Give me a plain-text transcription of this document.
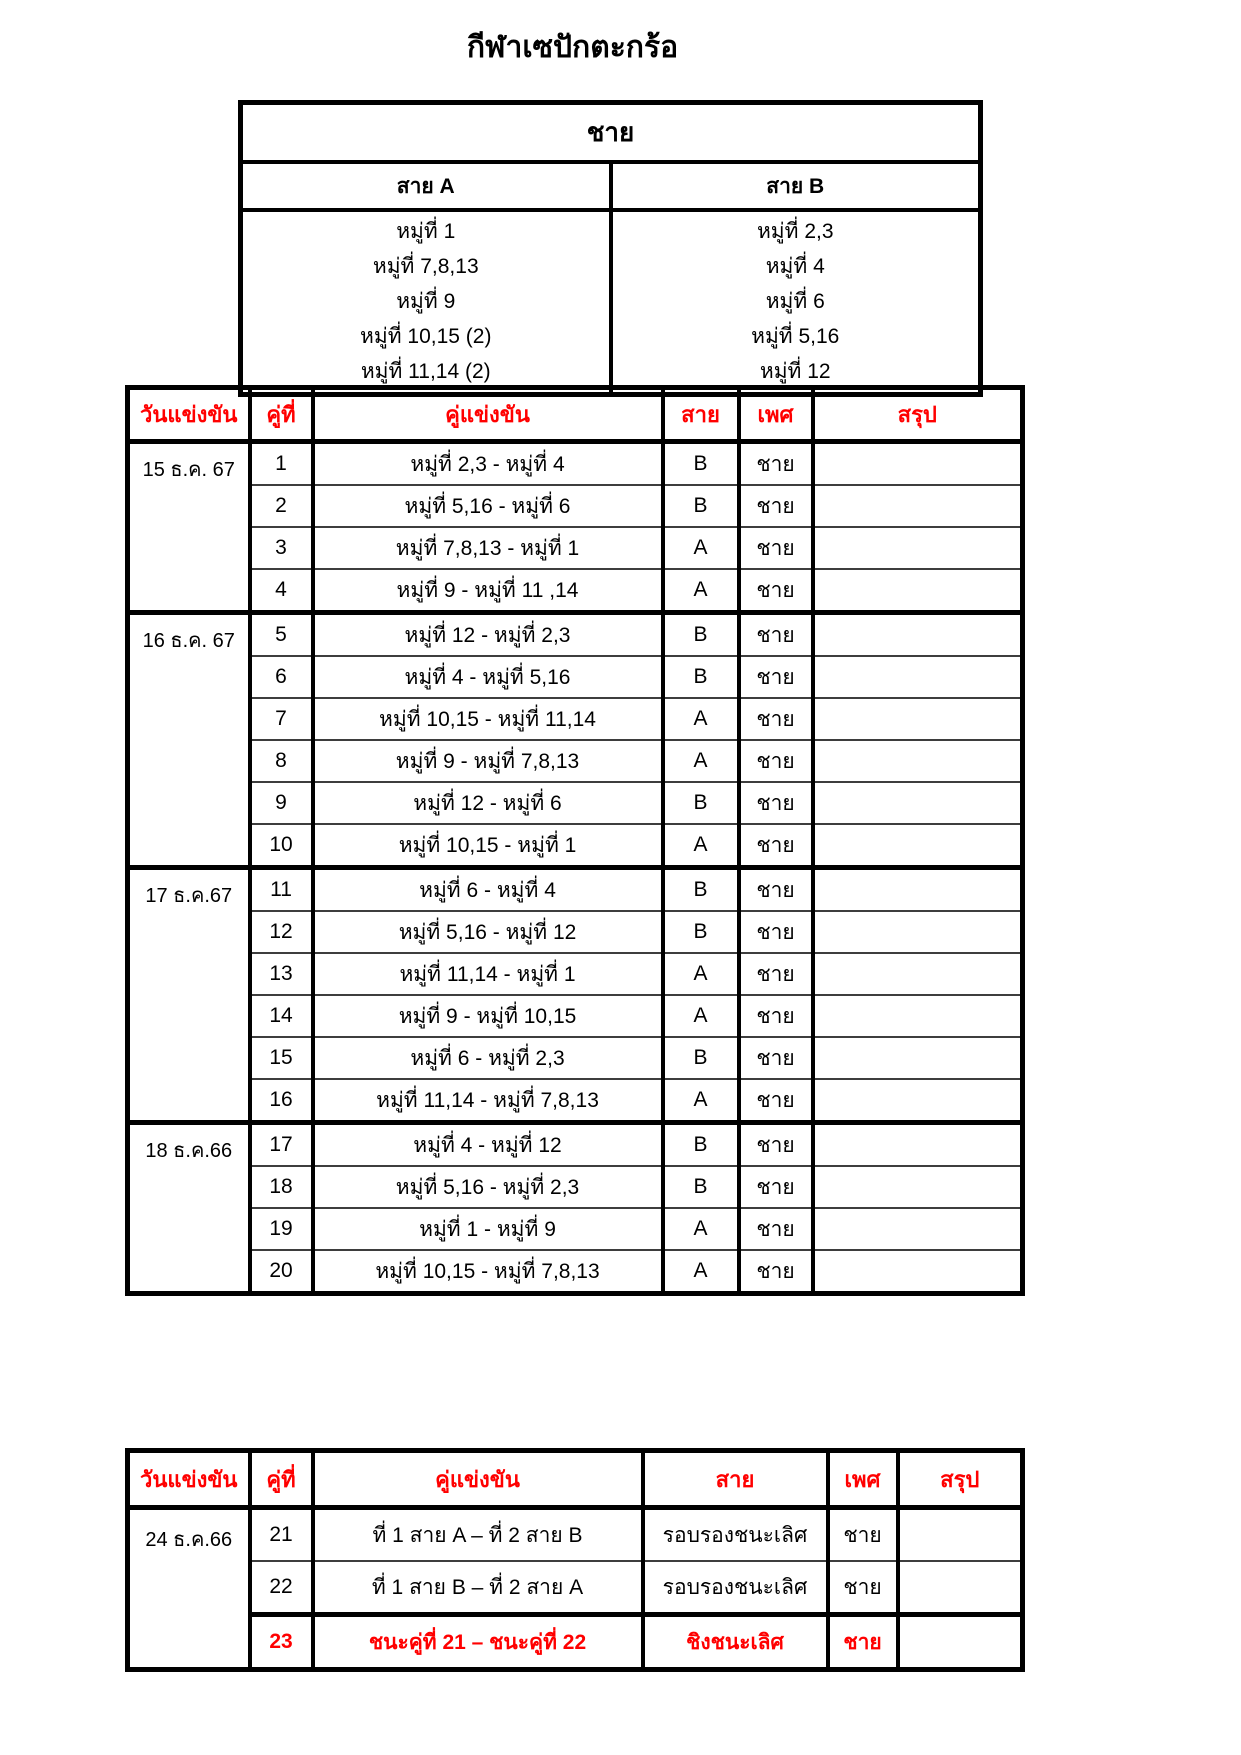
กีฬาเซปักตะกร้อ
ชาย	
สาย A	สาย B

หมู่ที่ 1
หมู่ที่ 7,8,13
หมู่ที่ 9
หมู่ที่ 10,15 (2)
หมู่ที่ 11,14 (2)

หมู่ที่ 2,3
หมู่ที่ 4
หมู่ที่ 6
หมู่ที่ 5,16
หมู่ที่ 12
วันแข่งขัน	คู่ที่	คู่แข่งขัน	สาย	เพศ	สรุป
15 ธ.ค. 67	1	หมู่ที่ 2,3 - หมู่ที่ 4	B	ชาย	
	2	หมู่ที่ 5,16 - หมู่ที่ 6	B	ชาย	
	3	หมู่ที่ 7,8,13 - หมู่ที่ 1	A	ชาย	
	4	หมู่ที่ 9 - หมู่ที่ 11 ,14	A	ชาย	
16 ธ.ค. 67	5	หมู่ที่ 12 - หมู่ที่ 2,3	B	ชาย	
	6	หมู่ที่ 4 - หมู่ที่ 5,16	B	ชาย	
	7	หมู่ที่ 10,15 - หมู่ที่ 11,14	A	ชาย	
	8	หมู่ที่ 9 - หมู่ที่ 7,8,13	A	ชาย	
	9	หมู่ที่ 12 - หมู่ที่ 6	B	ชาย	
	10	หมู่ที่ 10,15 - หมู่ที่ 1	A	ชาย	
17 ธ.ค.67	11	หมู่ที่ 6 - หมู่ที่ 4	B	ชาย	
	12	หมู่ที่ 5,16 - หมู่ที่ 12	B	ชาย	
	13	หมู่ที่ 11,14 - หมู่ที่ 1	A	ชาย	
	14	หมู่ที่ 9 - หมู่ที่ 10,15	A	ชาย	
	15	หมู่ที่ 6 - หมู่ที่ 2,3	B	ชาย	
	16	หมู่ที่ 11,14 - หมู่ที่ 7,8,13	A	ชาย	
18 ธ.ค.66	17	หมู่ที่ 4 - หมู่ที่ 12	B	ชาย	
	18	หมู่ที่ 5,16 - หมู่ที่ 2,3	B	ชาย	
	19	หมู่ที่ 1 - หมู่ที่ 9	A	ชาย	
	20	หมู่ที่ 10,15 - หมู่ที่ 7,8,13	A	ชาย	
วันแข่งขัน	คู่ที่	คู่แข่งขัน	สาย	เพศ	สรุป
24 ธ.ค.66	21	ที่ 1 สาย A – ที่ 2 สาย B	รอบรองชนะเลิศ	ชาย	
	22	ที่ 1 สาย B – ที่ 2 สาย A	รอบรองชนะเลิศ	ชาย	
	23	ชนะคู่ที่ 21 – ชนะคู่ที่ 22	ชิงชนะเลิศ	ชาย	
